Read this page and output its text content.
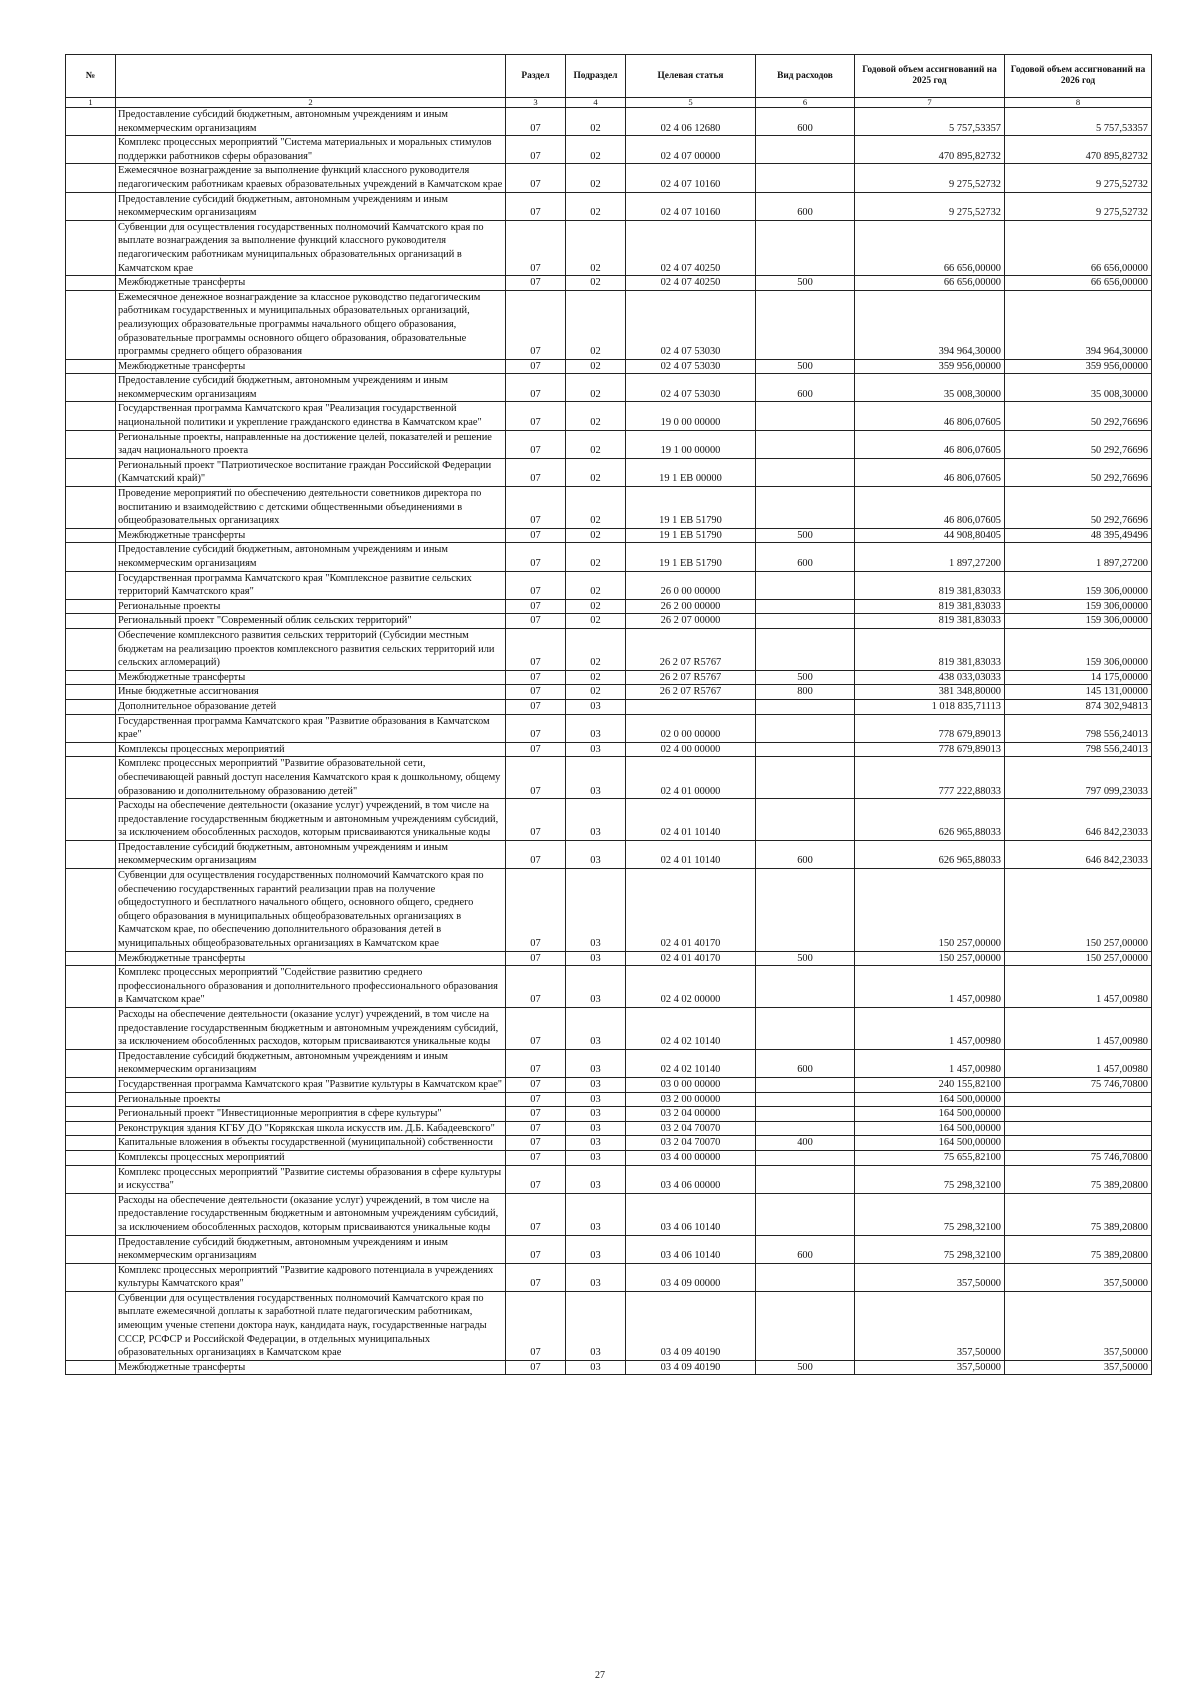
№		Раздел	Подраздел	Целевая статья	Вид расходов	Годовой объем ассигнований на 2025 год	Годовой объем ассигнований на 2026 год
1	2	3	4	5	6	7	8
	Предоставление субсидий бюджетным, автономным учреждениям и иным некоммерческим организациям	07	02	02 4 06 12680	600	5 757,53357	5 757,53357
	Комплекс процессных мероприятий "Система материальных и моральных стимулов поддержки работников сферы образования"	07	02	02 4 07 00000		470 895,82732	470 895,82732
	Ежемесячное вознаграждение за выполнение функций классного руководителя педагогическим работникам краевых образовательных учреждений в Камчатском крае	07	02	02 4 07 10160		9 275,52732	9 275,52732
	Предоставление субсидий бюджетным, автономным учреждениям и иным некоммерческим организациям	07	02	02 4 07 10160	600	9 275,52732	9 275,52732
	Субвенции для осуществления государственных полномочий Камчатского края по выплате вознаграждения за выполнение функций классного руководителя педагогическим работникам муниципальных образовательных организаций в Камчатском крае	07	02	02 4 07 40250		66 656,00000	66 656,00000
	Межбюджетные трансферты	07	02	02 4 07 40250	500	66 656,00000	66 656,00000
	Ежемесячное денежное вознаграждение за классное руководство педагогическим работникам государственных и муниципальных образовательных организаций, реализующих образовательные программы начального общего образования, образовательные программы основного общего образования, образовательные программы среднего общего образования	07	02	02 4 07 53030		394 964,30000	394 964,30000
	Межбюджетные трансферты	07	02	02 4 07 53030	500	359 956,00000	359 956,00000
	Предоставление субсидий бюджетным, автономным учреждениям и иным некоммерческим организациям	07	02	02 4 07 53030	600	35 008,30000	35 008,30000
	Государственная программа Камчатского края "Реализация государственной национальной политики и укрепление гражданского единства в Камчатском крае"	07	02	19 0 00 00000		46 806,07605	50 292,76696
	Региональные проекты, направленные на достижение целей, показателей и решение задач национального проекта	07	02	19 1 00 00000		46 806,07605	50 292,76696
	Региональный проект "Патриотическое воспитание граждан Российской Федерации (Камчатский край)"	07	02	19 1 EB 00000		46 806,07605	50 292,76696
	Проведение мероприятий по обеспечению деятельности советников директора по воспитанию и взаимодействию с детскими общественными объединениями в общеобразовательных организациях	07	02	19 1 EB 51790		46 806,07605	50 292,76696
	Межбюджетные трансферты	07	02	19 1 EB 51790	500	44 908,80405	48 395,49496
	Предоставление субсидий бюджетным, автономным учреждениям и иным некоммерческим организациям	07	02	19 1 EB 51790	600	1 897,27200	1 897,27200
	Государственная программа Камчатского края "Комплексное развитие сельских территорий Камчатского края"	07	02	26 0 00 00000		819 381,83033	159 306,00000
	Региональные проекты	07	02	26 2 00 00000		819 381,83033	159 306,00000
	Региональный проект "Современный облик сельских территорий"	07	02	26 2 07 00000		819 381,83033	159 306,00000
	Обеспечение комплексного развития сельских территорий (Субсидии местным бюджетам на реализацию проектов комплексного развития сельских территорий или сельских агломераций)	07	02	26 2 07 R5767		819 381,83033	159 306,00000
	Межбюджетные трансферты	07	02	26 2 07 R5767	500	438 033,03033	14 175,00000
	Иные бюджетные ассигнования	07	02	26 2 07 R5767	800	381 348,80000	145 131,00000
	Дополнительное образование детей	07	03			1 018 835,71113	874 302,94813
	Государственная программа Камчатского края "Развитие образования в Камчатском крае"	07	03	02 0 00 00000		778 679,89013	798 556,24013
	Комплексы процессных мероприятий	07	03	02 4 00 00000		778 679,89013	798 556,24013
	Комплекс процессных мероприятий "Развитие образовательной сети, обеспечивающей равный доступ населения Камчатского края к дошкольному, общему образованию и дополнительному образованию детей"	07	03	02 4 01 00000		777 222,88033	797 099,23033
	Расходы на обеспечение деятельности (оказание услуг) учреждений, в том числе на предоставление государственным бюджетным и автономным учреждениям субсидий, за исключением обособленных расходов, которым присваиваются уникальные коды	07	03	02 4 01 10140		626 965,88033	646 842,23033
	Предоставление субсидий бюджетным, автономным учреждениям и иным некоммерческим организациям	07	03	02 4 01 10140	600	626 965,88033	646 842,23033
	Субвенции для осуществления государственных полномочий Камчатского края по обеспечению государственных гарантий реализации прав на получение общедоступного и бесплатного начального общего, основного общего, среднего общего образования в муниципальных общеобразовательных организациях в Камчатском крае, по обеспечению дополнительного образования детей в муниципальных общеобразовательных организациях в Камчатском крае	07	03	02 4 01 40170		150 257,00000	150 257,00000
	Межбюджетные трансферты	07	03	02 4 01 40170	500	150 257,00000	150 257,00000
	Комплекс процессных мероприятий "Содействие развитию среднего профессионального образования и дополнительного профессионального образования в Камчатском крае"	07	03	02 4 02 00000		1 457,00980	1 457,00980
	Расходы на обеспечение деятельности (оказание услуг) учреждений, в том числе на предоставление государственным бюджетным и автономным учреждениям субсидий, за исключением обособленных расходов, которым присваиваются уникальные коды	07	03	02 4 02 10140		1 457,00980	1 457,00980
	Предоставление субсидий бюджетным, автономным учреждениям и иным некоммерческим организациям	07	03	02 4 02 10140	600	1 457,00980	1 457,00980
	Государственная программа Камчатского края "Развитие культуры в Камчатском крае"	07	03	03 0 00 00000		240 155,82100	75 746,70800
	Региональные проекты	07	03	03 2 00 00000		164 500,00000	
	Региональный проект "Инвестиционные мероприятия в сфере культуры"	07	03	03 2 04 00000		164 500,00000	
	Реконструкция здания КГБУ ДО "Корякская школа искусств им. Д.Б. Кабадеевского"	07	03	03 2 04 70070		164 500,00000	
	Капитальные вложения в объекты государственной (муниципальной) собственности	07	03	03 2 04 70070	400	164 500,00000	
	Комплексы процессных мероприятий	07	03	03 4 00 00000		75 655,82100	75 746,70800
	Комплекс процессных мероприятий "Развитие системы образования в сфере культуры и искусства"	07	03	03 4 06 00000		75 298,32100	75 389,20800
	Расходы на обеспечение деятельности (оказание услуг) учреждений, в том числе на предоставление государственным бюджетным и автономным учреждениям субсидий, за исключением обособленных расходов, которым присваиваются уникальные коды	07	03	03 4 06 10140		75 298,32100	75 389,20800
	Предоставление субсидий бюджетным, автономным учреждениям и иным некоммерческим организациям	07	03	03 4 06 10140	600	75 298,32100	75 389,20800
	Комплекс процессных мероприятий "Развитие кадрового потенциала в учреждениях культуры Камчатского края"	07	03	03 4 09 00000		357,50000	357,50000
	Субвенции для осуществления государственных полномочий Камчатского края по выплате ежемесячной доплаты к заработной плате педагогическим работникам, имеющим ученые степени доктора наук, кандидата наук, государственные награды СССР, РСФСР и Российской Федерации, в отдельных муниципальных образовательных организациях в Камчатском крае	07	03	03 4 09 40190		357,50000	357,50000
	Межбюджетные трансферты	07	03	03 4 09 40190	500	357,50000	357,50000
27
